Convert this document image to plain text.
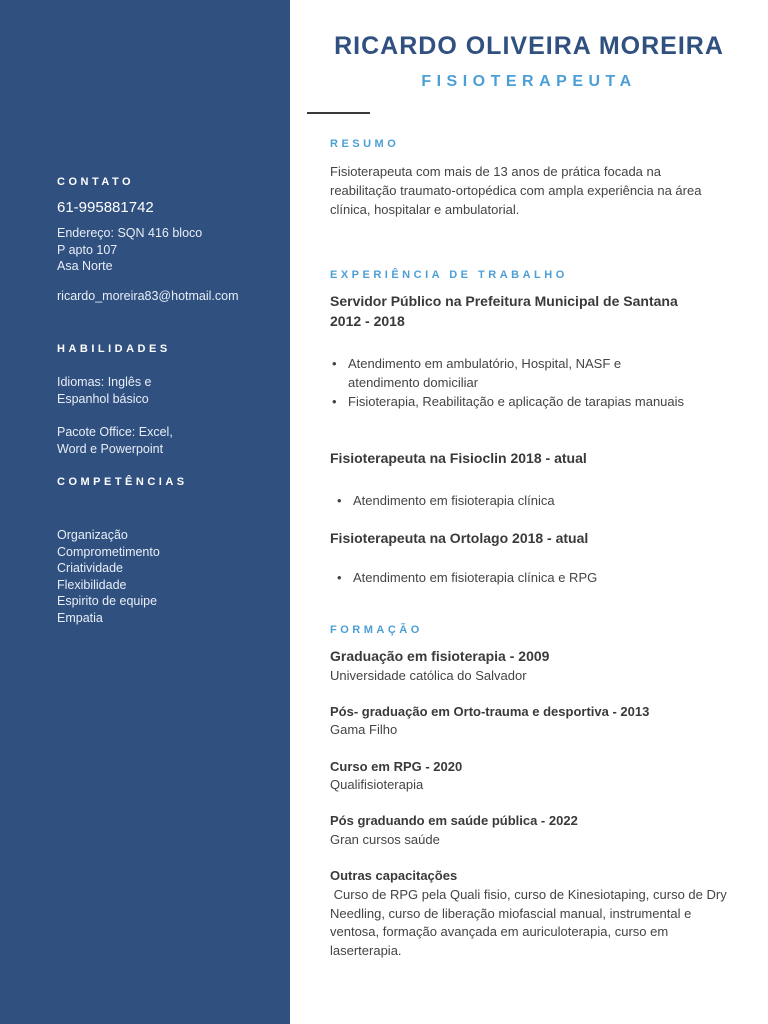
CONTATO
61-995881742
Endereço: SQN 416 bloco
P apto 107
Asa Norte
ricardo_moreira83@hotmail.com
HABILIDADES
Idiomas: Inglês e
Espanhol básico
Pacote Office: Excel,
Word e Powerpoint
COMPETÊNCIAS
Organização
Comprometimento
Criatividade
Flexibilidade
Espirito de equipe
Empatia
RICARDO OLIVEIRA MOREIRA
FISIOTERAPEUTA
RESUMO
Fisioterapeuta com mais de 13 anos de prática focada na reabilitação traumato-ortopédica com ampla experiência na área clínica, hospitalar e ambulatorial.
EXPERIÊNCIA DE TRABALHO
Servidor Público na Prefeitura Municipal de Santana
2012 - 2018
• Atendimento em ambulatório, Hospital, NASF e atendimento domiciliar
• Fisioterapia, Reabilitação e aplicação de tarapias manuais
Fisioterapeuta na Fisioclin 2018 - atual
• Atendimento em fisioterapia clínica
Fisioterapeuta na Ortolago 2018 - atual
• Atendimento em fisioterapia clínica e RPG
FORMAÇÃO
Graduação em fisioterapia - 2009
Universidade católica do Salvador
Pós- graduação em Orto-trauma e desportiva - 2013
Gama Filho
Curso em RPG - 2020
Qualifisioterapia
Pós graduando em saúde pública - 2022
Gran cursos saúde
Outras capacitações
Curso de RPG pela Quali fisio, curso de Kinesiotaping, curso de Dry Needling, curso de liberação miofascial manual, instrumental e ventosa, formação avançada em auriculoterapia, curso em laserterapia.
